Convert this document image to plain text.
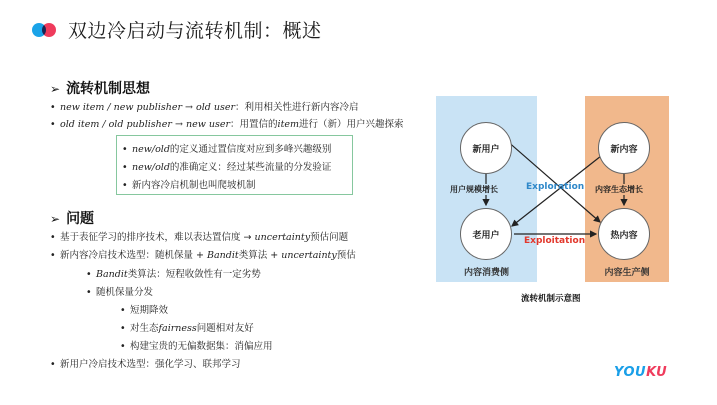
双边冷启动与流转机制：概述
➢ 流转机制思想
• new item / new publisher → old user：利用相关性进行新内容冷启
• old item / old publisher → new user：用置信的item进行（新）用户兴趣探索
• new/old的定义通过置信度对应到多峰兴趣级别
• new/old的准确定义：经过某些流量的分发验证
• 新内容冷启机制也叫爬坡机制
➢ 问题
• 基于表征学习的排序技术，难以表达置信度 → uncertainty预估问题
• 新内容冷启技术选型：随机保量 + Bandit类算法 + uncertainty预估
• Bandit类算法：短程收敛性有一定劣势
• 随机保量分发
• 短期降效
• 对生态fairness问题相对友好
• 构建宝贵的无偏数据集：消偏应用
• 新用户冷启技术选型：强化学习、联邦学习
内容消费侧	内容生产侧
新用户
老用户
新内容
热内容
用户规模增长	内容生态增长
Exploration
Exploitation
流转机制示意图
YOUKU
